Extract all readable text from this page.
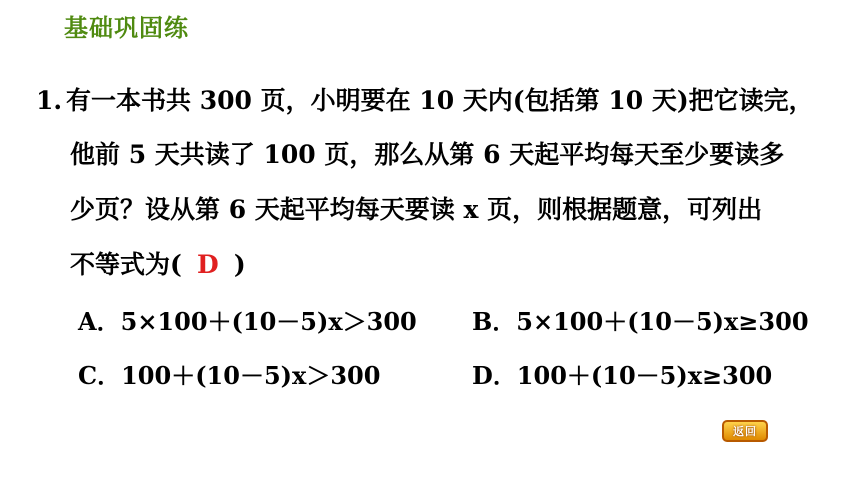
基础巩固练
1. 有一本书共 300 页，小明要在 10 天内(包括第 10 天)把它读完，
他前 5 天共读了 100 页，那么从第 6 天起平均每天至少要读多
少页？设从第 6 天起平均每天要读 x 页，则根据题意，可列出
不等式为( D )
A．5×100＋(10－5)x＞300 B．5×100＋(10－5)x≥300
C．100＋(10－5)x＞300	D．100＋(10－5)x≥300
返回
